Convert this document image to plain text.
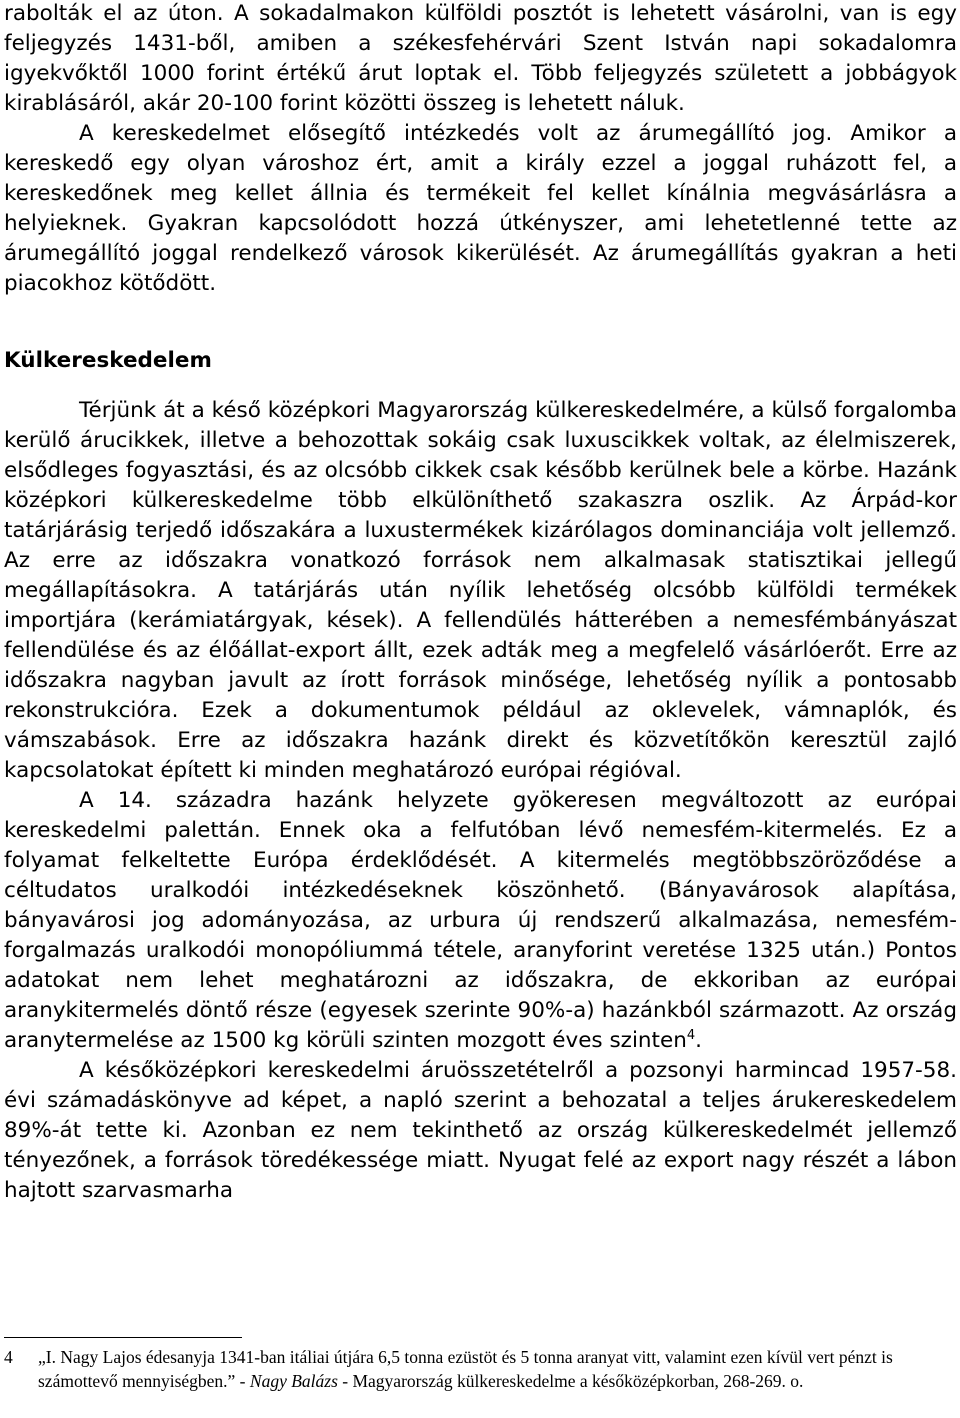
rabolták el az úton. A sokadalmakon külföldi posztót is lehetett vásárolni, van is egy feljegyzés 1431-ből, amiben a székesfehérvári Szent István napi sokadalomra igyekvőktől 1000 forint értékű árut loptak el. Több feljegyzés született a jobbágyok kirablásáról, akár 20-100 forint közötti összeg is lehetett náluk.

A kereskedelmet elősegítő intézkedés volt az árumegállító jog. Amikor a kereskedő egy olyan városhoz ért, amit a király ezzel a joggal ruházott fel, a kereskedőnek meg kellet állnia és termékeit fel kellet kínálnia megvásárlásra a helyieknek. Gyakran kapcsolódott hozzá útkényszer, ami lehetetlenné tette az árumegállító joggal rendelkező városok kikerülését. Az árumegállítás gyakran a heti piacokhoz kötődött.

Külkereskedelem

Térjünk át a késő középkori Magyarország külkereskedelmére, a külső forgalomba kerülő árucikkek, illetve a behozottak sokáig csak luxuscikkek voltak, az élelmiszerek, elsődleges fogyasztási, és az olcsóbb cikkek csak később kerülnek bele a körbe. Hazánk középkori külkereskedelme több elkülöníthető szakaszra oszlik. Az Árpád-kor tatárjárásig terjedő időszakára a luxustermékek kizárólagos dominanciája volt jellemző. Az erre az időszakra vonatkozó források nem alkalmasak statisztikai jellegű megállapításokra. A tatárjárás után nyílik lehetőség olcsóbb külföldi termékek importjára (kerámiatárgyak, kések). A fellendülés hátterében a nemesfémbányászat fellendülése és az élőállat-export állt, ezek adták meg a megfelelő vásárlóerőt. Erre az időszakra nagyban javult az írott források minősége, lehetőség nyílik a pontosabb rekonstrukcióra. Ezek a dokumentumok például az oklevelek, vámnaplók, és vámszabások. Erre az időszakra hazánk direkt és közvetítőkön keresztül zajló kapcsolatokat épített ki minden meghatározó európai régióval.

A 14. századra hazánk helyzete gyökeresen megváltozott az európai kereskedelmi palettán. Ennek oka a felfutóban lévő nemesfém-kitermelés. Ez a folyamat felkeltette Európa érdeklődését. A kitermelés megtöbbszöröződése a céltudatos uralkodói intézkedéseknek köszönhető. (Bányavárosok alapítása, bányavárosi jog adományozása, az urbura új rendszerű alkalmazása, nemesfém-forgalmazás uralkodói monopóliummá tétele, aranyforint veretése 1325 után.) Pontos adatokat nem lehet meghatározni az időszakra, de ekkoriban az európai aranykitermelés döntő része (egyesek szerinte 90%-a) hazánkból származott. Az ország aranytermelése az 1500 kg körüli szinten mozgott éves szinten$^4$.

A későközépkori kereskedelmi áruösszetételről a pozsonyi harmincad 1957-58. évi számadáskönyve ad képet, a napló szerint a behozatal a teljes árukereskedelem 89%-át tette ki. Azonban ez nem tekinthető az ország külkereskedelmét jellemző tényezőnek, a források töredékessége miatt. Nyugat felé az export nagy részét a lábon hajtott szarvasmarha

4 „I. Nagy Lajos édesanyja 1341-ban itáliai útjára 6,5 tonna ezüstöt és 5 tonna aranyat vitt, valamint ezen kívül vert pénzt is számottevő mennyiségben.” - Nagy Balázs - Magyarország külkereskedelme a későközépkorban, 268-269. o.
